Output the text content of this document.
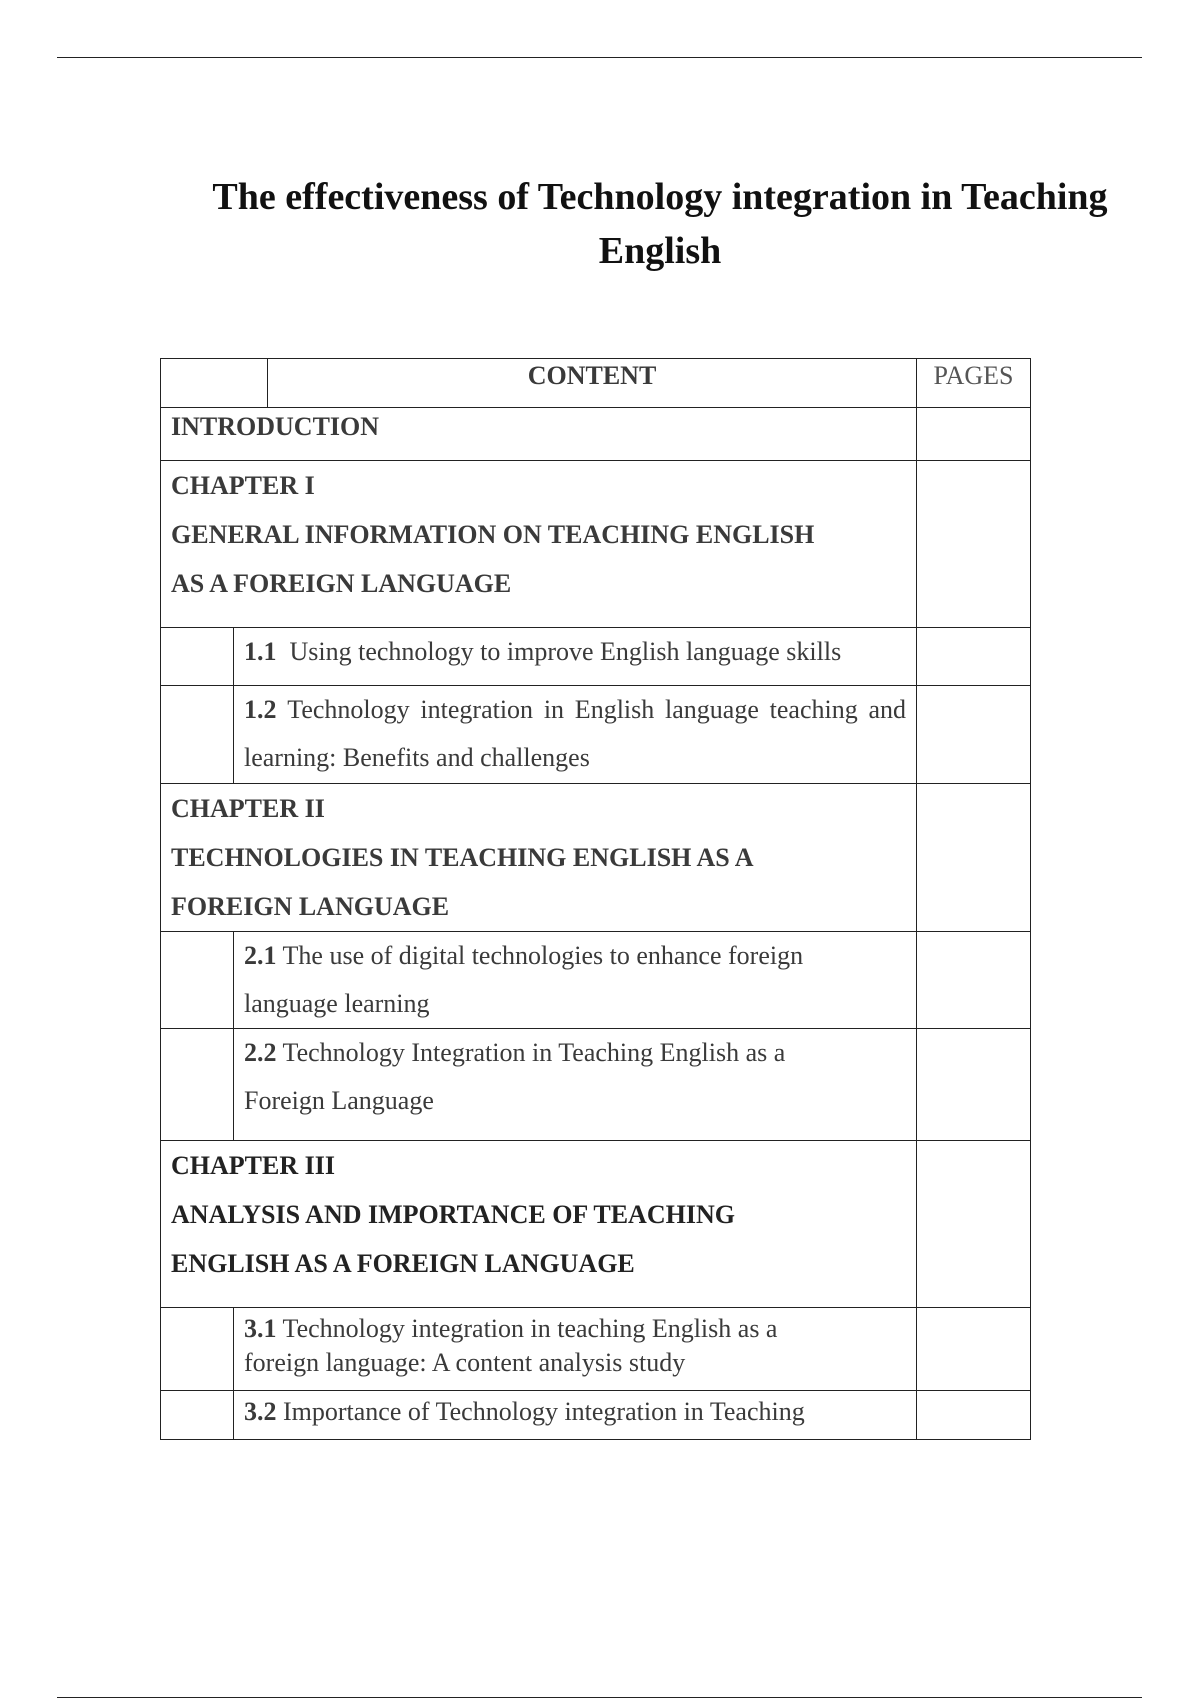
The effectiveness of Technology integration in Teaching English
		CONTENT	PAGES
INTRODUCTION			

CHAPTER I
GENERAL INFORMATION ON TEACHING ENGLISH
AS A FOREIGN LANGUAGE			

	1.1 Using technology to improve English language skills		
	1.2 Technology integration in English language teaching and learning: Benefits and challenges		

CHAPTER II
TECHNOLOGIES IN TEACHING ENGLISH AS A
FOREIGN LANGUAGE			

	2.1 The use of digital technologies to enhance foreign language learning		
	2.2 Technology Integration in Teaching English as a Foreign Language		

CHAPTER III
ANALYSIS AND IMPORTANCE OF TEACHING
ENGLISH AS A FOREIGN LANGUAGE			

	3.1 Technology integration in teaching English as a foreign language: A content analysis study		
	3.2 Importance of Technology integration in Teaching		
